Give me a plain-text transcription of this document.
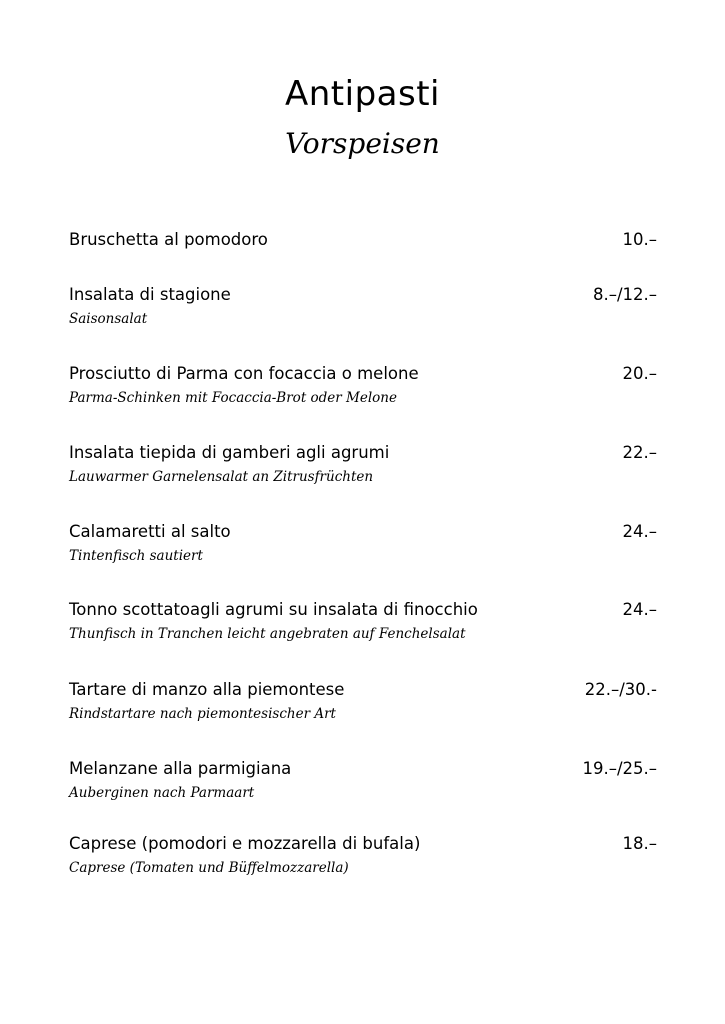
Antipasti
Vorspeisen
Bruschetta al pomodoro	10.–
Insalata di stagione	8.–/12.–
Saisonsalat
Prosciutto di Parma con focaccia o melone	20.–
Parma-Schinken mit Focaccia-Brot oder Melone
Insalata tiepida di gamberi agli agrumi	22.–
Lauwarmer Garnelensalat an Zitrusfrüchten
Calamaretti al salto	24.–
Tintenfisch sautiert
Tonno scottatoagli agrumi su insalata di finocchio	24.–
Thunfisch in Tranchen leicht angebraten auf Fenchelsalat
Tartare di manzo alla piemontese	22.–/30.-
Rindstartare nach piemontesischer Art
Melanzane alla parmigiana	19.–/25.–
Auberginen nach Parmaart
Caprese (pomodori e mozzarella di bufala)	18.–
Caprese (Tomaten und Büffelmozzarella)
